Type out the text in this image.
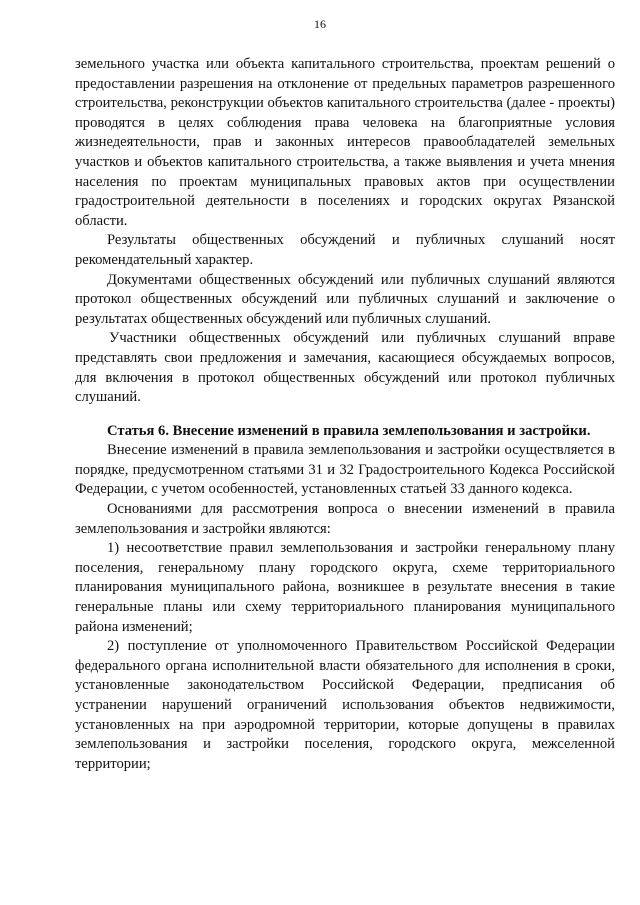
16

земельного участка или объекта капитального строительства, проектам решений о предоставлении разрешения на отклонение от предельных параметров разрешенного строительства, реконструкции объектов капитального строительства (далее - проекты) проводятся в целях соблюдения права человека на благоприятные условия жизнедеятельности, прав и законных интересов правообладателей земельных участков и объектов капитального строительства, а также выявления и учета мнения населения по проектам муниципальных правовых актов при осуществлении градостроительной деятельности в поселениях и городских округах Рязанской области.

Результаты общественных обсуждений и публичных слушаний носят рекомендательный характер.

Документами общественных обсуждений или публичных слушаний являются протокол общественных обсуждений или публичных слушаний и заключение о результатах общественных обсуждений или публичных слушаний.

Участники общественных обсуждений или публичных слушаний вправе представлять свои предложения и замечания, касающиеся обсуждаемых вопросов, для включения в протокол общественных обсуждений или протокол публичных слушаний.

Статья 6. Внесение изменений в правила землепользования и застройки.

Внесение изменений в правила землепользования и застройки осуществляется в порядке, предусмотренном статьями 31 и 32 Градостроительного Кодекса Российской Федерации, с учетом особенностей, установленных статьей 33 данного кодекса.

Основаниями для рассмотрения вопроса о внесении изменений в правила землепользования и застройки являются:

1) несоответствие правил землепользования и застройки генеральному плану поселения, генеральному плану городского округа, схеме территориального планирования муниципального района, возникшее в результате внесения в такие генеральные планы или схему территориального планирования муниципального района изменений;

2) поступление от уполномоченного Правительством Российской Федерации федерального органа исполнительной власти обязательного для исполнения в сроки, установленные законодательством Российской Федерации, предписания об устранении нарушений ограничений использования объектов недвижимости, установленных на при аэродромной территории, которые допущены в правилах землепользования и застройки поселения, городского округа, межселенной территории;
